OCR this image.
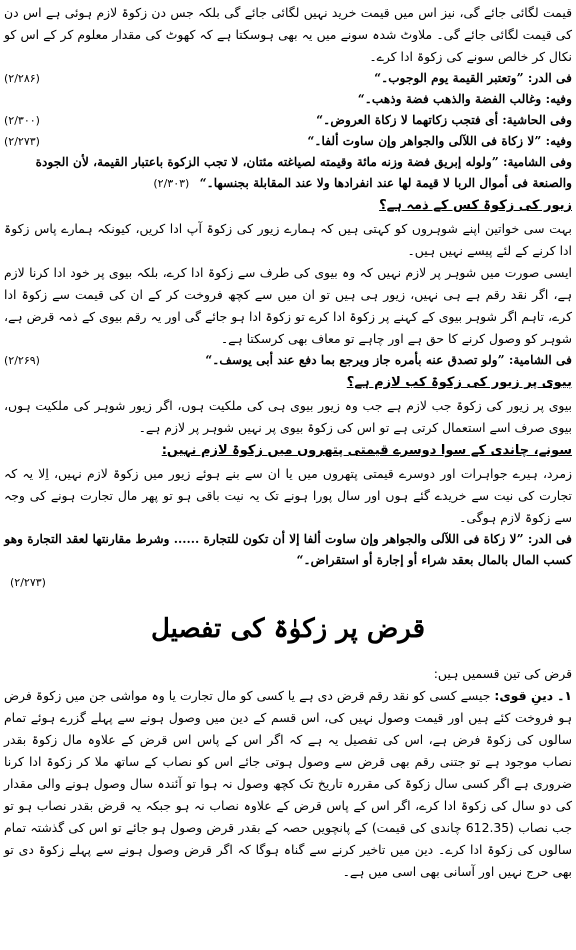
قیمت لگائی جائے گی، نیز اس میں قیمت خرید نہیں لگائی جائے گی بلکہ جس دن زکوۃ لازم ہوئی ہے اس دن کی قیمت لگائی جائے گی۔ ملاوٹ شدہ سونے میں یہ بھی ہوسکتا ہے کہ کھوٹ کی مقدار معلوم کر کے اس کو نکال کر خالص سونے کی زکوۃ ادا کرے۔

فی الدر: ”وتعتبر القیمة یوم الوجوب۔“
(۲/۲۸۶)

وفیه: وغالب الفضة والذهب فضة وذهب۔“

وفی الحاشیة: أی فتجب زكاتهما لا زكاة العروض۔“
(۲/۳۰۰)

وفیه: ”لا زكاة فی اللآلی والجواهر وإن ساوت ألفا۔“
(۲/۲۷۳)

وفی الشامیة: ”ولوله إبریق فضة وزنه مائة وقیمته لصیاغته مئتان، لا تجب الزكوة باعتبار القیمة، لأن الجودة والصنعة فی أموال الربا لا قیمة لها عند انفرادها ولا عند المقابلة بجنسها۔“ (۲/۳۰۳)

زیور کی زکوۃ کس کے ذمہ ہے؟

بہت سی خواتین اپنے شوہروں کو کہتی ہیں کہ ہمارے زیور کی زکوۃ آپ ادا کریں، کیونکہ ہمارے پاس زکوۃ ادا کرنے کے لئے پیسے نہیں ہیں۔

ایسی صورت میں شوہر پر لازم نہیں کہ وہ بیوی کی طرف سے زکوۃ ادا کرے، بلکہ بیوی پر خود ادا کرنا لازم ہے، اگر نقد رقم ہے ہی نہیں، زیور ہی ہیں تو ان میں سے کچھ فروخت کر کے ان کی قیمت سے زکوۃ ادا کرے، تاہم اگر شوہر بیوی کے کہنے پر زکوۃ ادا کرے تو زکوۃ ادا ہو جائے گی اور یہ رقم بیوی کے ذمہ قرض ہے، شوہر کو وصول کرنے کا حق ہے اور چاہے تو معاف بھی کرسکتا ہے۔

فی الشامیة: ”ولو تصدق عنه بأمره جاز ویرجع بما دفع عند أبی یوسف۔“
(۲/۲۶۹)

بیوی پر زیور کی زکوۃ کب لازم ہے؟

بیوی پر زیور کی زکوۃ جب لازم ہے جب وہ زیور بیوی ہی کی ملکیت ہوں، اگر زیور شوہر کی ملکیت ہوں، بیوی صرف اسے استعمال کرتی ہے تو اس کی زکوۃ بیوی پر نہیں شوہر پر لازم ہے۔

سونے، چاندی کے سوا دوسرے قیمتی پتھروں میں زکوۃ لازم نہیں:

زمرد، ہیرے جواہرات اور دوسرے قیمتی پتھروں میں یا ان سے بنے ہوئے زیور میں زکوۃ لازم نہیں، اِلا یہ کہ تجارت کی نیت سے خریدے گئے ہوں اور سال پورا ہونے تک یہ نیت باقی ہو تو پھر مال تجارت ہونے کی وجہ سے زکوۃ لازم ہوگی۔

فی الدر: ”لا زكاة فی اللآلی والجواهر وإن ساوت ألفا إلا أن تكون للتجارة ...... وشرط مقارنتها لعقد التجارة وهو كسب المال بالمال بعقد شراء أو إجارة أو استقراض۔“

(۲/۲۷۳)

قرض پر زکوٰۃ کی تفصیل

قرض کی تین قسمیں ہیں:

۱۔ دینِ قوی: جیسے کسی کو نقد رقم قرض دی ہے یا کسی کو مال تجارت یا وہ مواشی جن میں زکوۃ فرض ہو فروخت کئے ہیں اور قیمت وصول نہیں کی، اس قسم کے دین میں وصول ہونے سے پہلے گزرے ہوئے تمام سالوں کی زکوۃ فرض ہے، اس کی تفصیل یہ ہے کہ اگر اس کے پاس اس قرض کے علاوہ مال زکوۃ بقدر نصاب موجود ہے تو جتنی رقم بھی قرض سے وصول ہوتی جائے اس کو نصاب کے ساتھ ملا کر زکوۃ ادا کرنا ضروری ہے اگر کسی سال زکوۃ کی مقررہ تاریخ تک کچھ وصول نہ ہوا تو آئندہ سال وصول ہونے والی مقدار کی دو سال کی زکوۃ ادا کرے، اگر اس کے پاس قرض کے علاوہ نصاب نہ ہو جبکہ یہ قرض بقدر نصاب ہو تو جب نصاب (612.35 چاندی کی قیمت) کے پانچویں حصہ کے بقدر قرض وصول ہو جائے تو اس کی گذشتہ تمام سالوں کی زکوۃ ادا کرے۔ دین میں تاخیر کرنے سے گناہ ہوگا کہ اگر قرض وصول ہونے سے پہلے زکوۃ دی تو بھی حرج نہیں اور آسانی بھی اسی میں ہے۔
